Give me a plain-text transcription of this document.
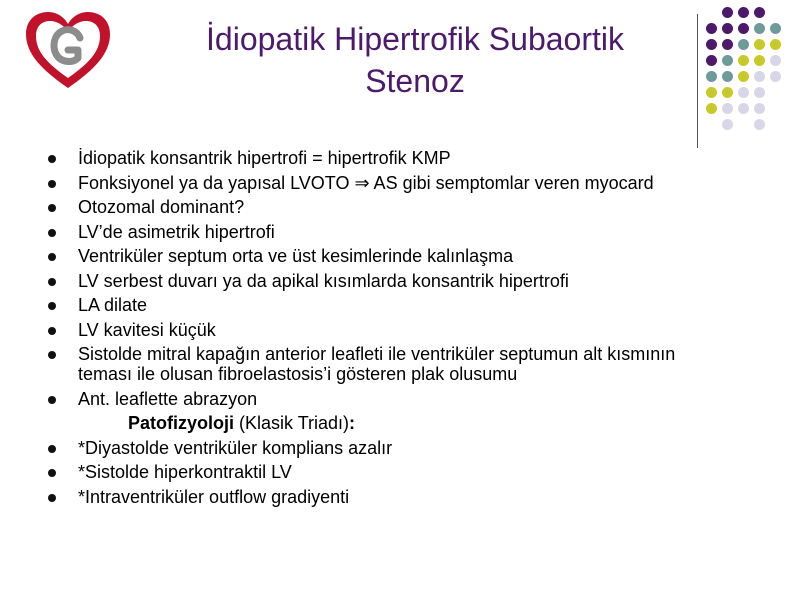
İdiopatik Hipertrofik Subaortik
Stenoz
İdiopatik konsantrik hipertrofi = hipertrofik KMP
Fonksiyonel ya da yapısal LVOTO ⇒ AS gibi semptomlar veren myocard
Otozomal dominant?
LV’de asimetrik hipertrofi
Ventriküler septum orta ve üst kesimlerinde kalınlaşma
LV serbest duvarı ya da apikal kısımlarda konsantrik hipertrofi
LA dilate
LV kavitesi küçük
Sistolde mitral kapağın anterior leafleti ile ventriküler septumun alt kısmının teması ile olusan fibroelastosis’i gösteren plak olusumu
Ant. leaflette abrazyon
Patofizyoloji (Klasik Triadı):
*Diyastolde ventriküler komplians azalır
*Sistolde hiperkontraktil LV
*Intraventriküler outflow gradiyenti
